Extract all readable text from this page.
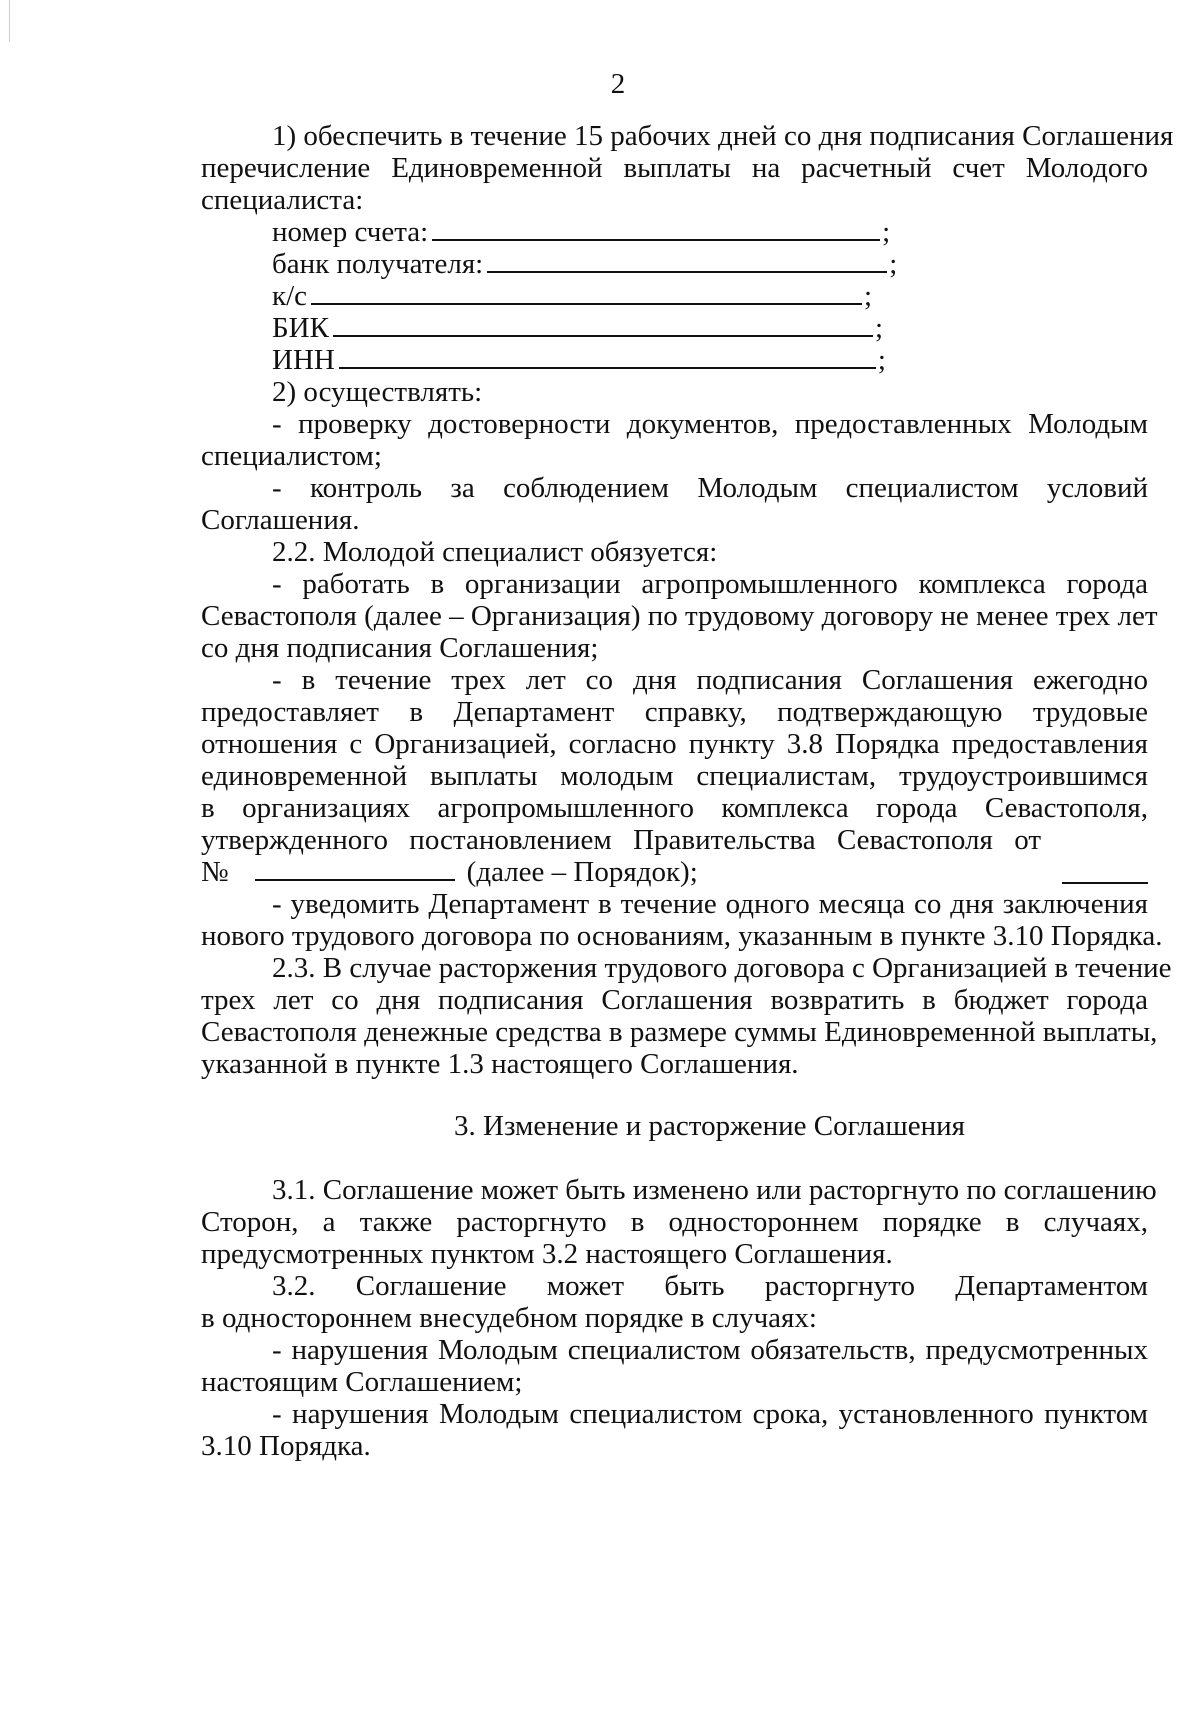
2
1) обеспечить в течение 15 рабочих дней со дня подписания Соглашения
перечисление Единовременной выплаты на расчетный счет Молодого
специалиста:
номер счета:	;
банк получателя:	;
к/с	;
БИК	;
ИНН	;
2) осуществлять:
- проверку достоверности документов, предоставленных Молодым
специалистом;
- контроль за соблюдением Молодым специалистом условий
Соглашения.
2.2. Молодой специалист обязуется:
- работать в организации агропромышленного комплекса города
Севастополя (далее – Организация) по трудовому договору не менее трех лет
со дня подписания Соглашения;
- в течение трех лет со дня подписания Соглашения ежегодно
предоставляет в Департамент справку, подтверждающую трудовые
отношения с Организацией, согласно пункту 3.8 Порядка предоставления
единовременной выплаты молодым специалистам, трудоустроившимся
в организациях агропромышленного комплекса города Севастополя,
утвержденного постановлением Правительства Севастополя от
№	(далее – Порядок);
- уведомить Департамент в течение одного месяца со дня заключения
нового трудового договора по основаниям, указанным в пункте 3.10 Порядка.
2.3. В случае расторжения трудового договора с Организацией в течение
трех лет со дня подписания Соглашения возвратить в бюджет города
Севастополя денежные средства в размере суммы Единовременной выплаты,
указанной в пункте 1.3 настоящего Соглашения.
3. Изменение и расторжение Соглашения
3.1. Соглашение может быть изменено или расторгнуто по соглашению
Сторон, а также расторгнуто в одностороннем порядке в случаях,
предусмотренных пунктом 3.2 настоящего Соглашения.
3.2. Соглашение может быть расторгнуто Департаментом
в одностороннем внесудебном порядке в случаях:
- нарушения Молодым специалистом обязательств, предусмотренных
настоящим Соглашением;
- нарушения Молодым специалистом срока, установленного пунктом
3.10 Порядка.
